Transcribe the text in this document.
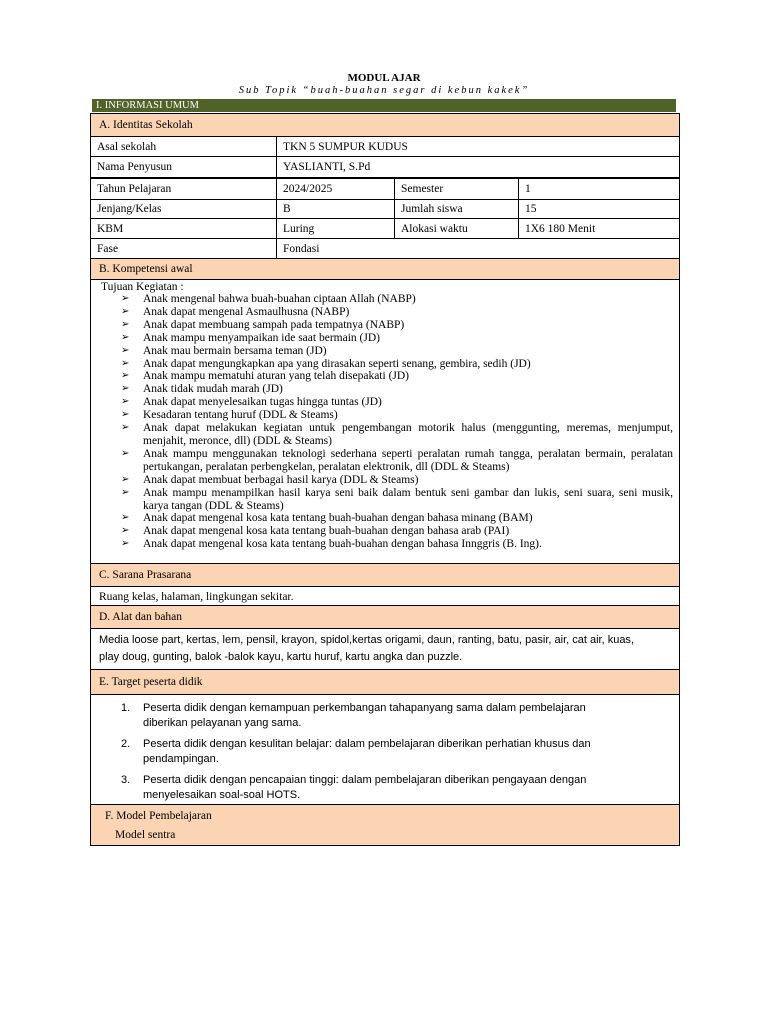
MODUL AJAR
Sub Topik “buah-buahan segar di kebun kakek”
I. INFORMASI UMUM
A. Identitas Sekolah
Asal sekolah	TKN 5 SUMPUR KUDUS
Nama Penyusun	YASLIANTI, S.Pd
Tahun Pelajaran	2024/2025	Semester	1
Jenjang/Kelas	B	Jumlah siswa	15
KBM	Luring	Alokasi waktu	1X6 180 Menit
Fase	Fondasi
B. Kompetensi awal
Tujuan Kegiatan :
➢ Anak mengenal bahwa buah-buahan ciptaan Allah (NABP)
➢ Anak dapat mengenal Asmaulhusna (NABP)
➢ Anak dapat membuang sampah pada tempatnya (NABP)
➢ Anak mampu menyampaikan ide saat bermain (JD)
➢ Anak mau bermain bersama teman (JD)
➢ Anak dapat mengungkapkan apa yang dirasakan seperti senang, gembira, sedih (JD)
➢ Anak mampu mematuhi aturan yang telah disepakati (JD)
➢ Anak tidak mudah marah (JD)
➢ Anak dapat menyelesaikan tugas hingga tuntas (JD)
➢ Kesadaran tentang huruf (DDL & Steams)
➢ Anak dapat melakukan kegiatan untuk pengembangan motorik halus (menggunting, meremas, menjumput, menjahit, meronce, dll) (DDL & Steams)
➢ Anak mampu menggunakan teknologi sederhana seperti peralatan rumah tangga, peralatan bermain, peralatan pertukangan, peralatan perbengkelan, peralatan elektronik, dll (DDL & Steams)
➢ Anak dapat membuat berbagai hasil karya (DDL & Steams)
➢ Anak mampu menampilkan hasil karya seni baik dalam bentuk seni gambar dan lukis, seni suara, seni musik, karya tangan (DDL & Steams)
➢ Anak dapat mengenal kosa kata tentang buah-buahan dengan bahasa minang (BAM)
➢ Anak dapat mengenal kosa kata tentang buah-buahan dengan bahasa arab (PAI)
➢ Anak dapat mengenal kosa kata tentang buah-buahan dengan bahasa Innggris (B. Ing).
C. Sarana Prasarana
Ruang kelas, halaman, lingkungan sekitar.
D. Alat dan bahan
Media loose part, kertas, lem, pensil, krayon, spidol,kertas origami, daun, ranting, batu, pasir, air, cat air, kuas, play doug, gunting, balok -balok kayu, kartu huruf, kartu angka dan puzzle.
E. Target peserta didik
1. Peserta didik dengan kemampuan perkembangan tahapanyang sama dalam pembelajaran diberikan pelayanan yang sama.
2. Peserta didik dengan kesulitan belajar: dalam pembelajaran diberikan perhatian khusus dan pendampingan.
3. Peserta didik dengan pencapaian tinggi: dalam pembelajaran diberikan pengayaan dengan menyelesaikan soal-soal HOTS.
F. Model Pembelajaran
Model sentra
